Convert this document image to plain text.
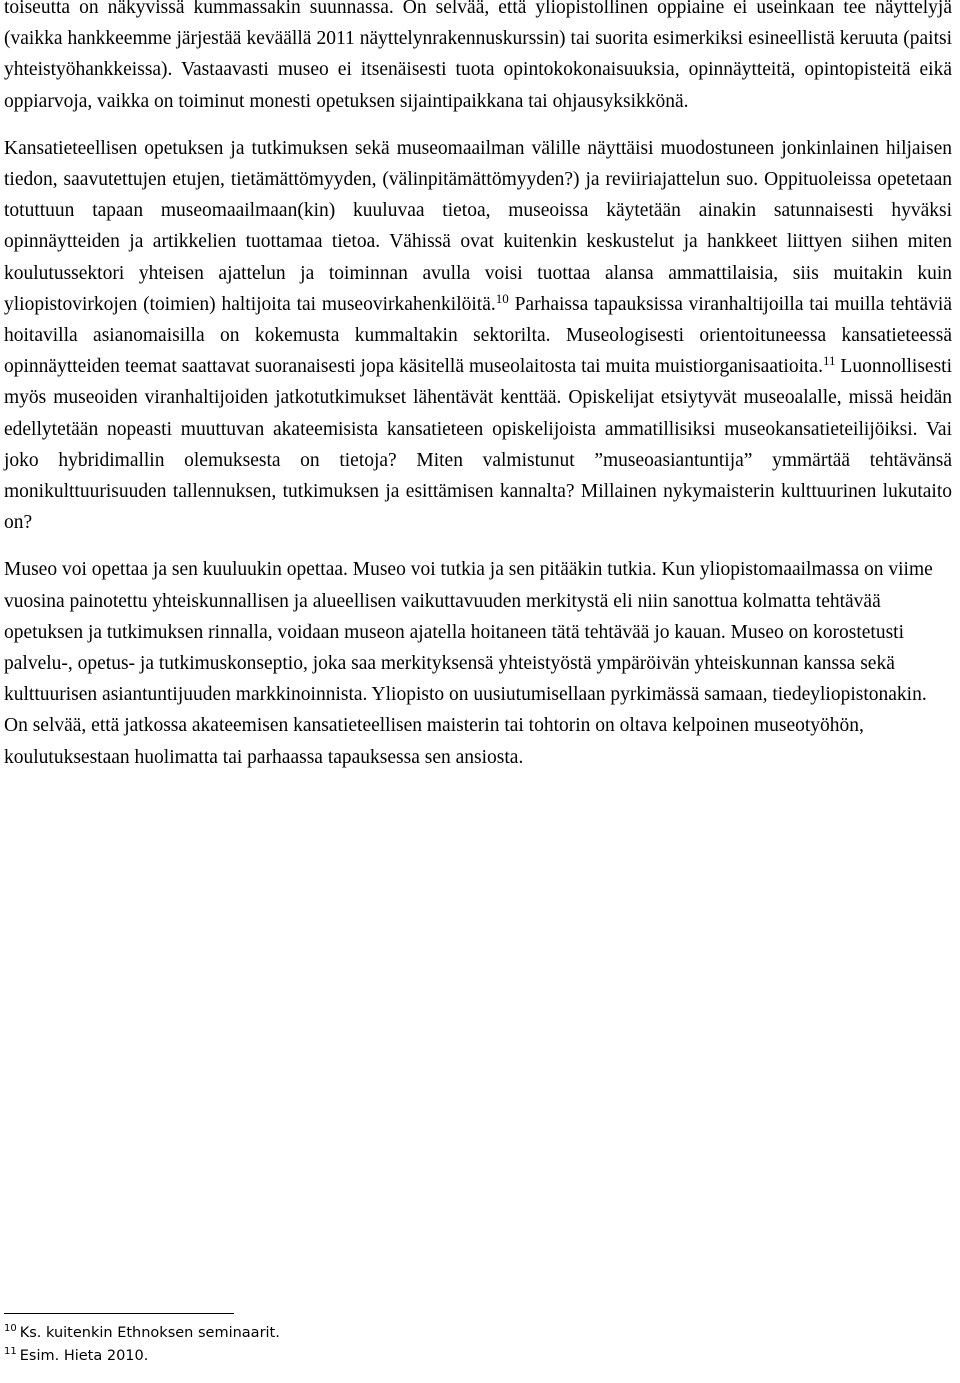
toiseutta on näkyvissä kummassakin suunnassa. On selvää, että yliopistollinen oppiaine ei useinkaan tee näyttelyjä (vaikka hankkeemme järjestää keväällä 2011 näyttelynrakennuskurssin) tai suorita esimerkiksi esineellistä keruuta (paitsi yhteistyöhankkeissa). Vastaavasti museo ei itsenäisesti tuota opintokokonaisuuksia, opinnäytteitä, opintopisteitä eikä oppiarvoja, vaikka on toiminut monesti opetuksen sijaintipaikkana tai ohjausyksikkönä.

Kansatieteellisen opetuksen ja tutkimuksen sekä museomaailman välille näyttäisi muodostuneen jonkinlainen hiljaisen tiedon, saavutettujen etujen, tietämättömyyden, (välinpitämättömyyden?) ja reviiriajattelun suo. Oppituoleissa opetetaan totuttuun tapaan museomaailmaan(kin) kuuluvaa tietoa, museoissa käytetään ainakin satunnaisesti hyväksi opinnäytteiden ja artikkelien tuottamaa tietoa. Vähissä ovat kuitenkin keskustelut ja hankkeet liittyen siihen miten koulutussektori yhteisen ajattelun ja toiminnan avulla voisi tuottaa alansa ammattilaisia, siis muitakin kuin yliopistovirkojen (toimien) haltijoita tai museovirkahenkilöitä.$^{10}$ Parhaissa tapauksissa viranhaltijoilla tai muilla tehtäviä hoitavilla asianomaisilla on kokemusta kummaltakin sektorilta. Museologisesti orientoituneessa kansatieteessä opinnäytteiden teemat saattavat suoranaisesti jopa käsitellä museolaitosta tai muita muistiorganisaatioita.$^{11}$ Luonnollisesti myös museoiden viranhaltijoiden jatkotutkimukset lähentävät kenttää. Opiskelijat etsiytyvät museoalalle, missä heidän edellytetään nopeasti muuttuvan akateemisista kansatieteen opiskelijoista ammatillisiksi museokansatieteilijöiksi. Vai joko hybridimallin olemuksesta on tietoja? Miten valmistunut ”museoasiantuntija” ymmärtää tehtävänsä monikulttuurisuuden tallennuksen, tutkimuksen ja esittämisen kannalta? Millainen nykymaisterin kulttuurinen lukutaito on?

Museo voi opettaa ja sen kuuluukin opettaa. Museo voi tutkia ja sen pitääkin tutkia. Kun yliopistomaailmassa on viime vuosina painotettu yhteiskunnallisen ja alueellisen vaikuttavuuden merkitystä eli niin sanottua kolmatta tehtävää opetuksen ja tutkimuksen rinnalla, voidaan museon ajatella hoitaneen tätä tehtävää jo kauan. Museo on korostetusti palvelu-, opetus- ja tutkimuskonseptio, joka saa merkityksensä yhteistyöstä ympäröivän yhteiskunnan kanssa sekä kulttuurisen asiantuntijuuden markkinoinnista. Yliopisto on uusiutumisellaan pyrkimässä samaan, tiedeyliopistonakin. On selvää, että jatkossa akateemisen kansatieteellisen maisterin tai tohtorin on oltava kelpoinen museotyöhön, koulutuksestaan huolimatta tai parhaassa tapauksessa sen ansiosta.

$^{10}$ Ks. kuitenkin Ethnoksen seminaarit.

$^{11}$ Esim. Hieta 2010.
